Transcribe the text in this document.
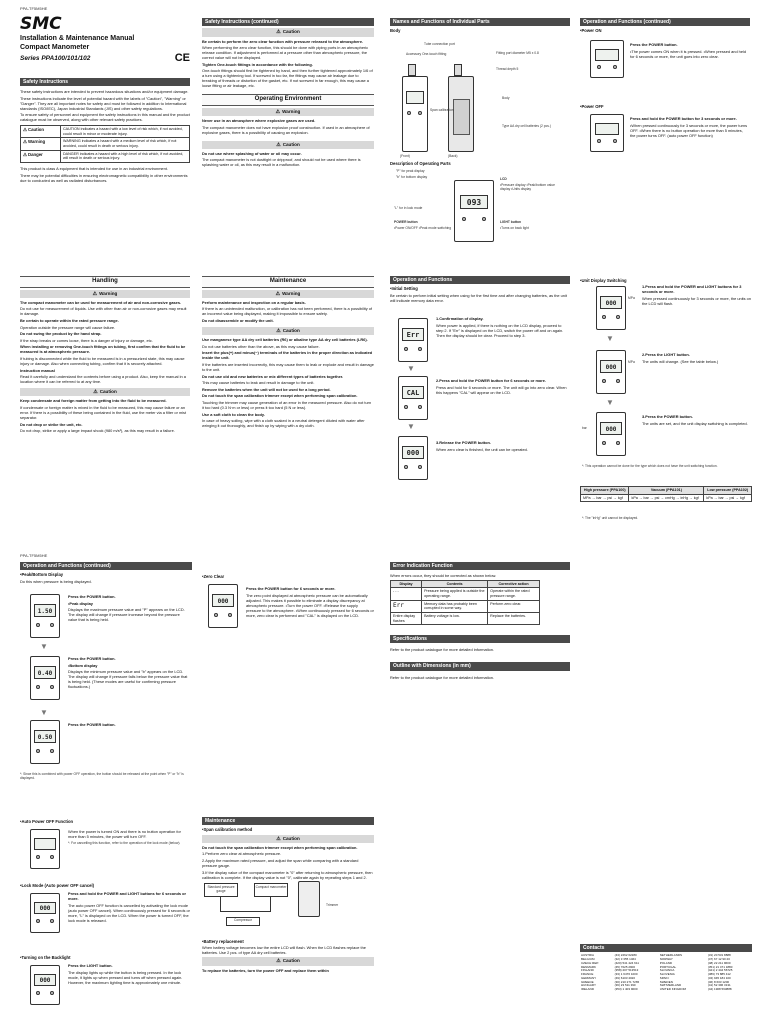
PPA-TF5M5HE
SMC
Installation & Maintenance Manual
Compact Manometer
Series PPA100/101/102	CE
Safety Instructions
These safety instructions are intended to prevent hazardous situations and/or equipment damage.
These instructions indicate the level of potential hazard with the labels of "Caution", "Warning" or "Danger". They are all important notes for safety and must be followed in addition to International standards (ISO/IEC), Japan Industrial Standards (JIS) and other safety regulations.
To ensure safety of personnel and equipment the safety instructions in this manual and the product catalogue must be observed, along with other relevant safety practices.
⚠ Caution	CAUTION indicates a hazard with a low level of risk which, if not avoided, could result in minor or moderate injury.
⚠ Warning	WARNING indicates a hazard with a medium level of risk which, if not avoided, could result in death or serious injury.
⚠ Danger	DANGER indicates a hazard with a high level of risk which, if not avoided, will result in death or serious injury.
This product is class A equipment that is intended for use in an industrial environment.
There may be potential difficulties in ensuring electromagnetic compatibility in other environments due to conducted as well as radiated disturbances.
Safety Instructions (continued)
⚠ Caution
Be certain to perform the zero clear function with pressure released to the atmosphere.
When performing the zero clear function, this should be done with piping ports in an atmospheric release condition. If adjustment is performed at a pressure other than atmospheric pressure, the correct value will not be displayed.
Tighten One-touch fittings in accordance with the following.
One-touch fittings should first be tightened by hand, and then further tightened approximately 1/6 of a turn using a tightening tool. If screwed in too far, the fittings may cause air leakage due to breaking of threads or distortion of the gasket, etc. If not screwed in far enough, this may cause a loose fitting or air leakage, etc.
Operating Environment
⚠ Warning
Never use in an atmosphere where explosive gases are used.
The compact manometer does not have explosion proof construction. If used in an atmosphere of explosive gases, there is a possibility of causing an explosion.
⚠ Caution
Do not use where splashing of water or oil may occur.
The compact manometer is not dusttight or dripproof, and should not be used where there is splashing water or oil, as this may result in a malfunction.
Names and Functions of Individual Parts
Body

(Front)	(Back)
Tube connection port
Accessory One-touch fitting	Fitting port diameter M5 x 0.8
Thread depth 5
Body
Span calibration
Type AA dry cell batteries (2 pcs.)
Description of Operating Parts
"P" for peak display
"b" for bottom display
093
LCD
•Pressure display •Peak/bottom value display •Units display
"L" for in lock mode
POWER button
•Power ON/OFF •Peak mode switching
LIGHT button
•Turns on back light
Operation and Functions (continued)
•Power ON

Press the POWER button.
•The power comes ON when it is pressed. •When pressed and held for 6 seconds or more, the unit goes into zero clear.
•Power OFF

Press and hold the POWER button for 3 seconds or more.
•When pressed continuously for 3 seconds or more, the power turns OFF. •When there is no button operation for more than 5 minutes, the power turns OFF. (auto power OFF function)
Handling
⚠ Warning
The compact manometer can be used for measurement of air and non-corrosive gases.
Do not use for measurement of liquids. Use with other than air or non-corrosive gases may result in damage.
Be certain to operate within the rated pressure range.
Operation outside the pressure range will cause failure.
Do not swing the product by the hand strap.
If the strap breaks or comes loose, there is a danger of injury or damage, etc.
When installing or removing One-touch fittings on tubing, first confirm that the fluid to be measured is at atmospheric pressure.
If tubing is disconnected while the fluid to be measured is in a pressurized state, this may cause injury or damage. Also when connecting tubing, confirm that it is securely attached.
Instruction manual
Read it carefully and understand the contents before using a product. Also, keep the manual in a location where it can be referred to at any time.
⚠ Caution
Keep condensate and foreign matter from getting into the fluid to be measured.
If condensate or foreign matter is mixed in the fluid to be measured, this may cause failure or an error. If there is a possibility of these being contained in the fluid, use the meter via a filter or mist separator.
Do not drop or strike the unit, etc.
Do not drop, strike or apply a large impact shock (980 m/s²), as this may result in a failure.
Maintenance
⚠ Warning
Perform maintenance and inspection on a regular basis.
If there is an unintended malfunction, or calibration has not been performed, there is a possibility of an incorrect value being displayed, making it impossible to ensure safety.
Do not disassemble or modify the unit.
⚠ Caution
Use manganese type AA dry cell batteries (R6) or alkaline type AA dry cell batteries (LR6).
Do not use batteries other than the above, as this may cause failure.
Insert the plus(+) and minus(−) terminals of the batteries in the proper direction as indicated inside the unit.
If the batteries are inserted incorrectly, this may cause them to leak or explode and result in damage to the unit.
Do not use old and new batteries or mix different types of batteries together.
This may cause batteries to leak and result in damage to the unit.
Remove the batteries when the unit will not be used for a long period.
Do not touch the span calibration trimmer except when performing span calibration.
Touching the trimmer may cause generation of an error in the measured pressure. Also do not turn it too hard (0.3 N·m or less) or press it too hard (5 N or less).
Use a soft cloth to clean the body.
In case of heavy soiling, wipe with a cloth soaked in a neutral detergent diluted with water after wringing it out thoroughly, and finish up by wiping with a dry cloth.
Operation and Functions
•Initial Setting
Be certain to perform initial setting when using for the first time and after changing batteries, as the unit will indicate memory data error.
Err
1.Confirmation of display.
When power is applied, if there is nothing on the LCD display, proceed to step 2. If "Err" is displayed on the LCD, switch the power off and on again. Then the display should be clear. Proceed to step 3.
▼
CAL
2.Press and hold the POWER button for 6 seconds or more.
Press and hold for 6 seconds or more. The unit will go into zero clear. When this happens "CAL" will appear on the LCD.
▼
000
3.Release the POWER button.
When zero clear is finished, the unit can be operated.
•Unit Display Switching
000
MPa
1.Press and hold the POWER and LIGHT buttons for 3 seconds or more.
When pressed continuously for 3 seconds or more, the units on the LCD will flash.
▼
000
MPa
2.Press the LIGHT button.
The units will change. (See the table below.)
▼
000
bar
3.Press the POWER button.
The units are set, and the unit display switching is completed.
*: This operation cannot be done for the type which does not have the unit switching function.
High pressure (PPA100)	Vacuum (PPA101)	Low pressure (PPA102)
MPa → bar → psi → kgf	kPa → bar → psi → cmHg → inHg → kgf	kPa → bar → psi → kgf
*: The "inHg" unit cannot be displayed.
PPA-TF5M5HE
Operation and Functions (continued)
•Peak/Bottom Display
Do this when pressure is being displayed.
1.50
Press the POWER button.
•Peak display
Displays the maximum pressure value and "P" appears on the LCD. The display will change if pressure increase beyond the pressure value that is being held.
▼
0.40
Press the POWER button.
•Bottom display
Displays the minimum pressure value and "b" appears on the LCD. The display will change if pressure falls below the pressure value that is being held. (These modes are useful for confirming pressure fluctuations.)
▼
0.50
Press the POWER button.
*: Since this is combined with power OFF operation, the button should be released at the point when "P" or "b" is displayed.
•Zero Clear
000
Press the POWER button for 6 seconds or more.
The zero point displayed at atmospheric pressure can be automatically adjusted. This makes it possible to eliminate a display discrepancy at atmospheric pressure. •Turn the power OFF. •Release the supply pressure to the atmosphere. •When continuously pressed for 6 seconds or more, zero clear is performed and "CAL" is displayed on the LCD.
Error Indication Function
When errors occur, they should be corrected as shown below.
Display	Contents	Corrective action
- - -	Pressure being applied is outside the operating range.	Operate within the rated pressure range.
Err	Memory data has probably been corrupted in some way.	Perform zero clear.
Entire display flashes	Battery voltage is low.	Replace the batteries.
Specifications
Refer to the product catalogue for more detailed information.
Outline with Dimensions (in mm)
Refer to the product catalogue for more detailed information.
•Auto Power OFF Function

When the power is turned ON and there is no button operation for more than 5 minutes, the power will turn OFF.
*: For cancelling this function, refer to the operation of the lock mode (below).
•Lock Mode (Auto power OFF cancel)
000
Press and hold the POWER and LIGHT buttons for 6 seconds or more.
The auto power OFF function is cancelled by activating the lock mode (auto power OFF cancel). When continuously pressed for 6 seconds or more, "L" is displayed on the LCD. When the power is turned OFF, the lock mode is released.
•Turning on the Backlight
000
Press the LIGHT button.
The display lights up while the button is being pressed. In the lock mode, it lights up when pressed and turns off when pressed again. However, the maximum lighting time is approximately one minute.
Maintenance
•Span calibration method
⚠ Caution
Do not touch the span calibration trimmer except when performing span calibration.
1.Perform zero clear at atmospheric pressure.
2.Apply the maximum rated pressure, and adjust the span while comparing with a standard pressure gauge.
3.If the display value of the compact manometer is "0" after returning to atmospheric pressure, then calibration is complete. If the display value is not "0", calibrate again by repeating steps 1 and 2.
Standard pressure gauge
Compact manometer
Compressor
Trimmer
•Battery replacement
When battery voltage becomes low the entire LCD will flash. When the LCD flashes replace the batteries. Use 2 pcs. of type AA dry cell batteries.
⚠ Caution
To replace the batteries, turn the power OFF and replace them within
Contacts
AUSTRIA	(43) 2262 62280	NETHERLANDS	(31) 20 531 8888
BELGIUM	(32) 3 355 1464	NORWAY	(47) 67 12 90 20
CZECH REP.	(420) 541 424 611	POLAND	(48) 22 211 9600
DENMARK	(45) 7025 2900	PORTUGAL	(351) 21 471 1880
FINLAND	(358) 207 513513	SLOVAKIA	(421) 2 444 56725
FRANCE	(33) 1 6476 1000	SLOVENIA	(386) 73 885 412
GERMANY	(49) 6103 4020	SPAIN	(34) 945 184 100
GREECE	(30) 210 271 7265	SWEDEN	(46) 8 603 1200
HUNGARY	(36) 23 511 390	SWITZERLAND	(41) 52 396 3131
IRELAND	(353) 1 403 9000	UNITED KINGDOM	(44) 1908 563888
